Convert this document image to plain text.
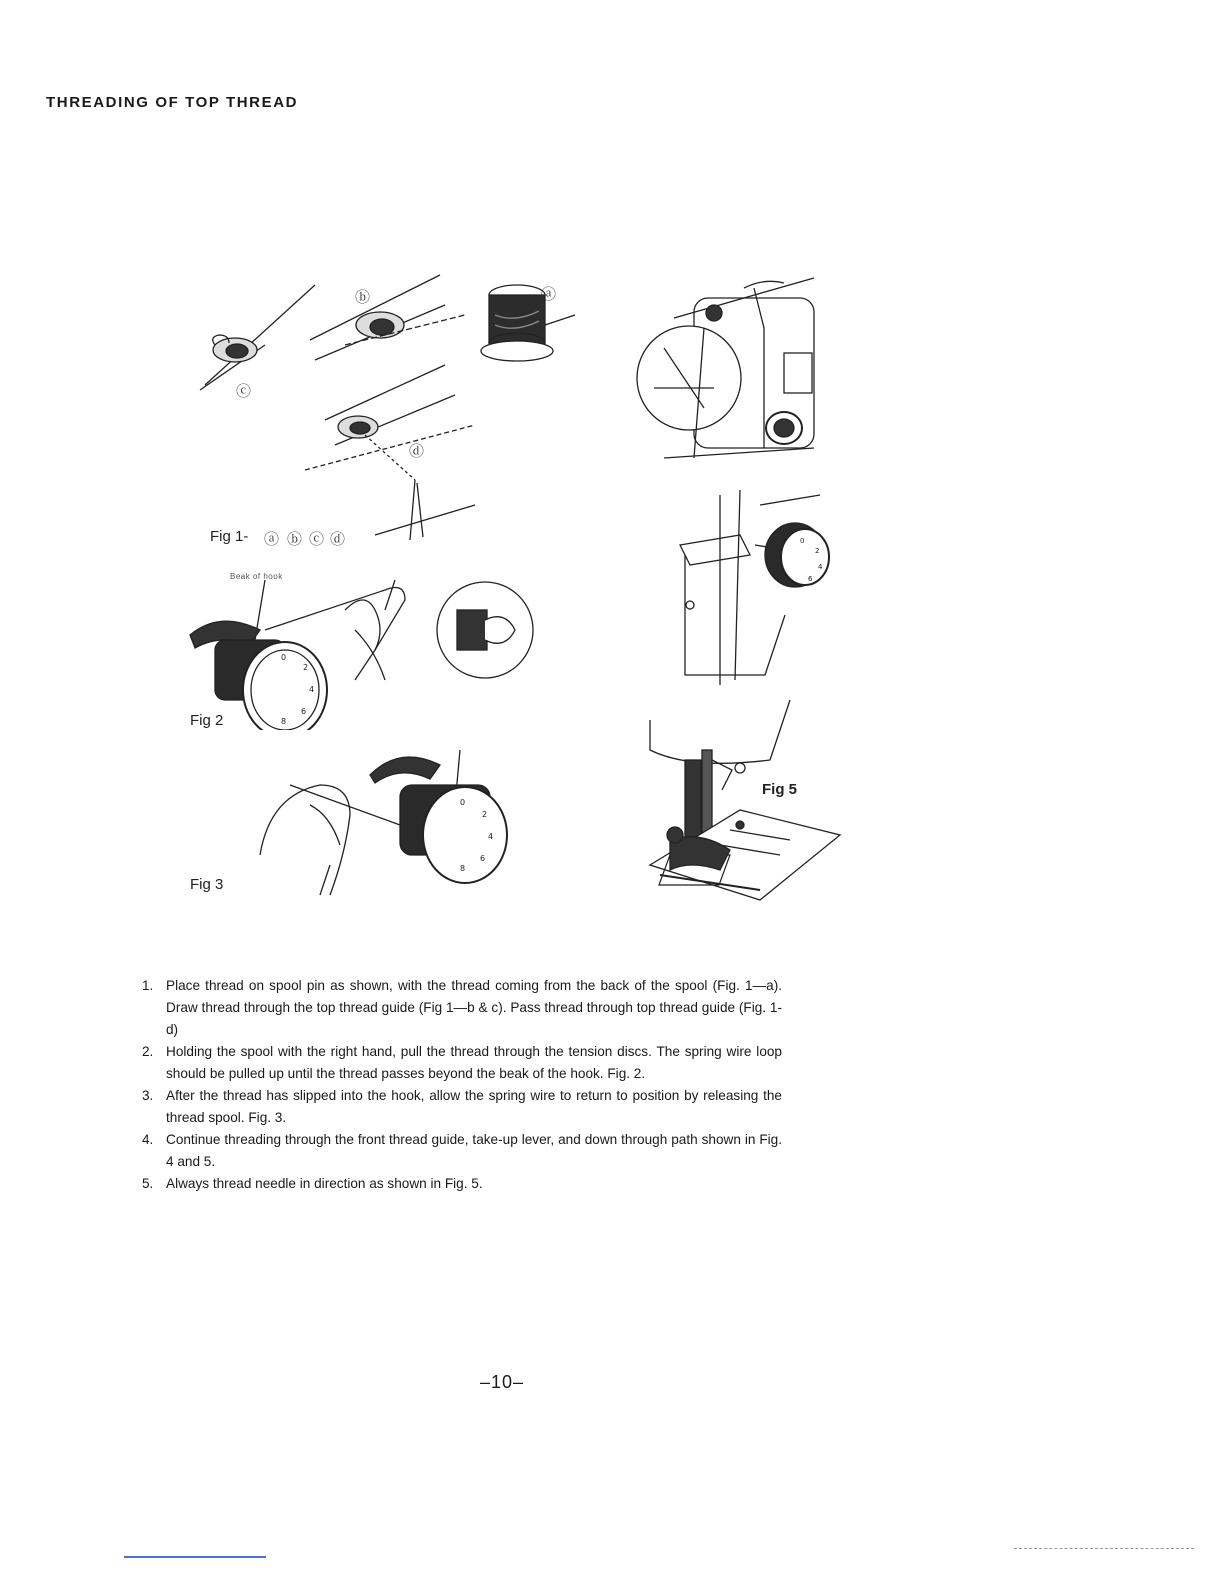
THREADING OF TOP THREAD
ⓐ
ⓑ
ⓒ
ⓓ
Fig 1- ⓐ ⓑ ⓒ ⓓ
0
2
4
6
8
Beak of hook
Fig 2
0
2
4
6
8
Fig 3
0
2
4
6
Fig 5
1. Place thread on spool pin as shown, with the thread coming from the back of the spool (Fig. 1—a). Draw thread through the top thread guide (Fig 1—b & c). Pass thread through top thread guide (Fig. 1-d)
2. Holding the spool with the right hand, pull the thread through the tension discs. The spring wire loop should be pulled up until the thread passes beyond the beak of the hook. Fig. 2.
3. After the thread has slipped into the hook, allow the spring wire to return to position by releasing the thread spool. Fig. 3.
4. Continue threading through the front thread guide, take-up lever, and down through path shown in Fig. 4 and 5.
5. Always thread needle in direction as shown in Fig. 5.
–10–
